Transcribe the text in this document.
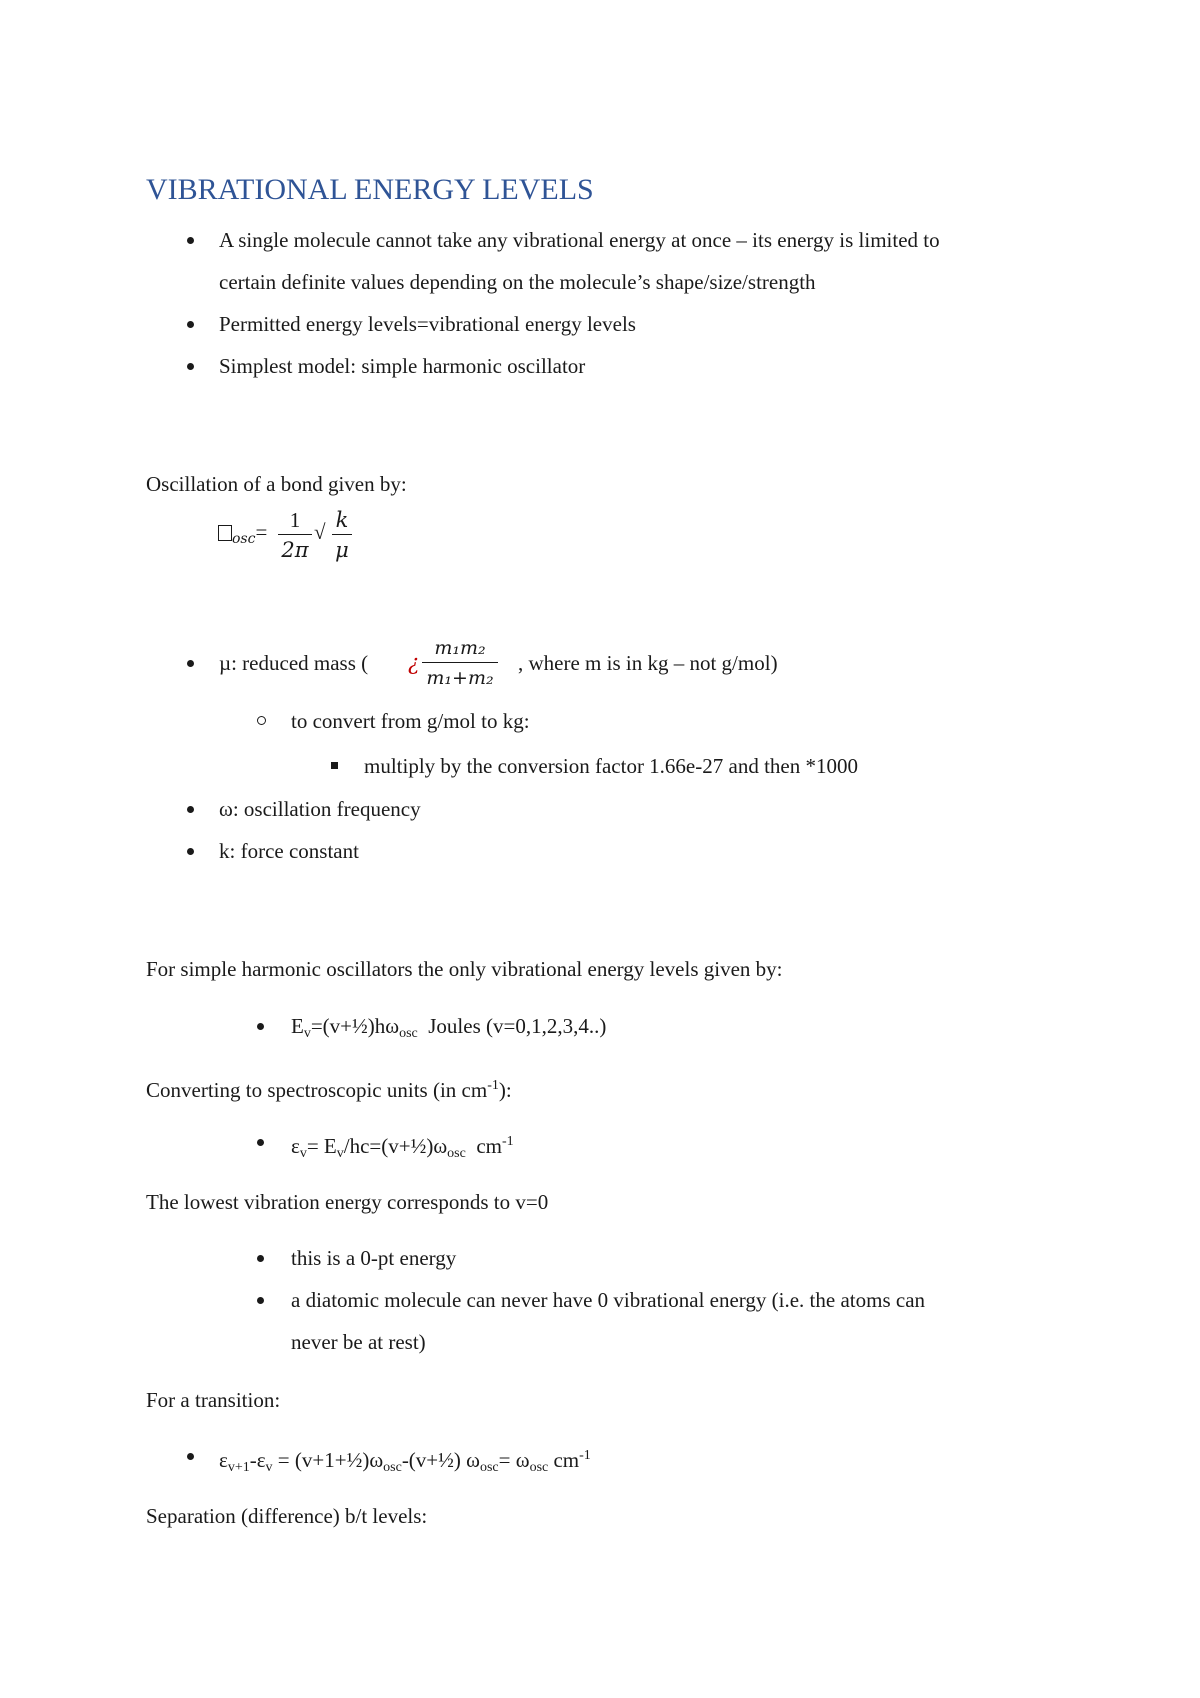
VIBRATIONAL ENERGY LEVELS
A single molecule cannot take any vibrational energy at once – its energy is limited to
certain definite values depending on the molecule’s shape/size/strength
Permitted energy levels=vibrational energy levels
Simplest model: simple harmonic oscillator
Oscillation of a bond given by:
$_{osc}$=	1
2π
√ k
μ
µ: reduced mass ( ¿
m₁m₂
m₁+m₂
, where m is in kg – not g/mol)
to convert from g/mol to kg:
multiply by the conversion factor 1.66e-27 and then *1000
ω: oscillation frequency
k: force constant
For simple harmonic oscillators the only vibrational energy levels given by:
$E_v=(v+\frac{1}{2})h\omega_{osc}$  Joules (v=0,1,2,3,4..)
Converting to spectroscopic units (in $cm^{-1}$):
$\varepsilon_v=$ $E_v/hc=(v+\frac{1}{2})\omega_{osc}$  $cm^{-1}$
The lowest vibration energy corresponds to v=0
this is a 0-pt energy
a diatomic molecule can never have 0 vibrational energy (i.e. the atoms can
never be at rest)
For a transition:
$\varepsilon_{v+1}-\varepsilon_v$ = $(v+1+\frac{1}{2})\omega_{osc}-(v+\frac{1}{2})$ $\omega_{osc}= \omega_{osc}$ $cm^{-1}$
Separation (difference) b/t levels:
